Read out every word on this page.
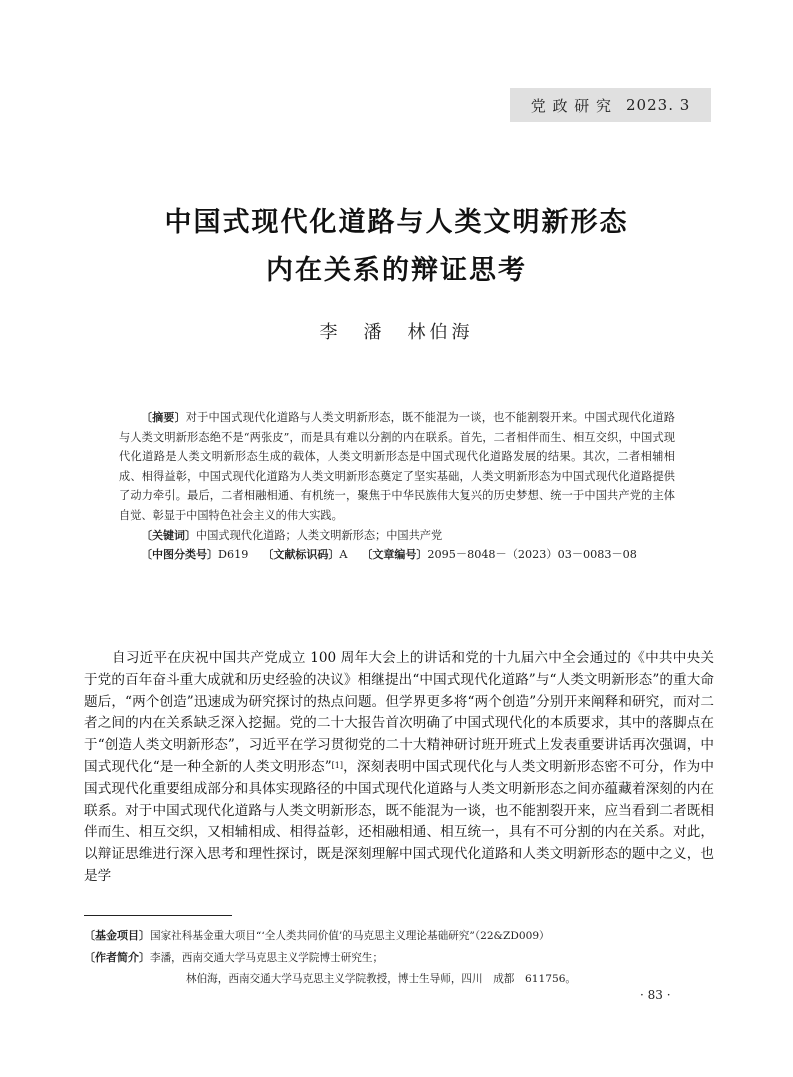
党 政 研 究 2023. 3
中国式现代化道路与人类文明新形态
内在关系的辩证思考
李　潘　林伯海

〔摘要〕对于中国式现代化道路与人类文明新形态，既不能混为一谈，也不能割裂开来。中国式现代化道路与人类文明新形态绝不是“两张皮”，而是具有难以分割的内在联系。首先，二者相伴而生、相互交织，中国式现代化道路是人类文明新形态生成的载体，人类文明新形态是中国式现代化道路发展的结果。其次，二者相辅相成、相得益彰，中国式现代化道路为人类文明新形态奠定了坚实基础，人类文明新形态为中国式现代化道路提供了动力牵引。最后，二者相融相通、有机统一，聚焦于中华民族伟大复兴的历史梦想、统一于中国共产党的主体自觉、彰显于中国特色社会主义的伟大实践。

〔关键词〕中国式现代化道路；人类文明新形态；中国共产党

〔中图分类号〕D619 〔文献标识码〕A 〔文章编号〕2095－8048－（2023）03－0083－08

自习近平在庆祝中国共产党成立 100 周年大会上的讲话和党的十九届六中全会通过的《中共中央关于党的百年奋斗重大成就和历史经验的决议》相继提出“中国式现代化道路”与“人类文明新形态”的重大命题后，“两个创造”迅速成为研究探讨的热点问题。但学界更多将“两个创造”分别开来阐释和研究，而对二者之间的内在关系缺乏深入挖掘。党的二十大报告首次明确了中国式现代化的本质要求，其中的落脚点在于“创造人类文明新形态”，习近平在学习贯彻党的二十大精神研讨班开班式上发表重要讲话再次强调，中国式现代化“是一种全新的人类文明形态”[1]，深刻表明中国式现代化与人类文明新形态密不可分，作为中国式现代化重要组成部分和具体实现路径的中国式现代化道路与人类文明新形态之间亦蕴藏着深刻的内在联系。对于中国式现代化道路与人类文明新形态，既不能混为一谈，也不能割裂开来，应当看到二者既相伴而生、相互交织，又相辅相成、相得益彰，还相融相通、相互统一，具有不可分割的内在关系。对此，以辩证思维进行深入思考和理性探讨，既是深刻理解中国式现代化道路和人类文明新形态的题中之义，也是学

〔基金项目〕国家社科基金重大项目“‘全人类共同价值’的马克思主义理论基础研究”（22&ZD009）

〔作者简介〕李潘，西南交通大学马克思主义学院博士研究生；

林伯海，西南交通大学马克思主义学院教授，博士生导师，四川　成都　611756。

· 83 ·
